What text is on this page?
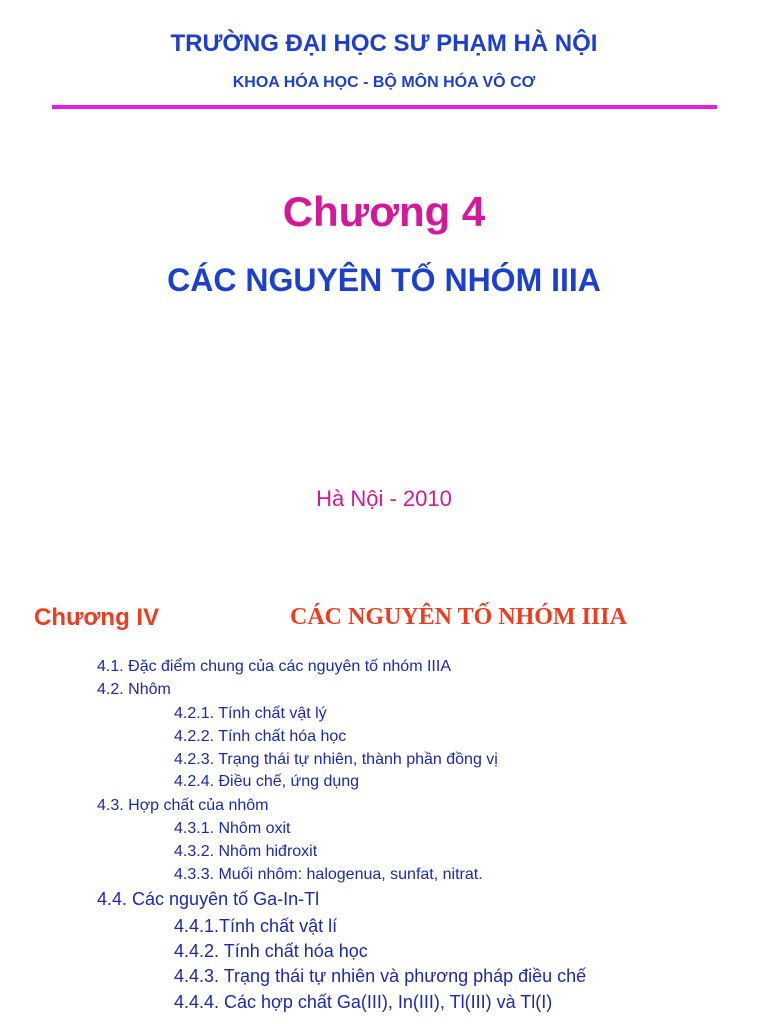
TRƯỜNG ĐẠI HỌC SƯ PHẠM HÀ NỘI
KHOA HÓA HỌC - BỘ MÔN HÓA VÔ CƠ
Chương 4
CÁC NGUYÊN TỐ NHÓM IIIA
Hà Nội - 2010
Chương IV	CÁC NGUYÊN TỐ NHÓM IIIA
4.1. Đặc điểm chung của các nguyên tố nhóm IIIA
4.2. Nhôm
4.2.1. Tính chất vật lý
4.2.2. Tính chất hóa học
4.2.3. Trạng thái tự nhiên, thành phần đồng vị
4.2.4. Điều chế, ứng dụng
4.3. Hợp chất của nhôm
4.3.1. Nhôm oxit
4.3.2. Nhôm hiđroxit
4.3.3. Muối nhôm: halogenua, sunfat, nitrat.
4.4. Các nguyên tố Ga-In-Tl
4.4.1.Tính chất vật lí
4.4.2. Tính chất hóa học
4.4.3. Trạng thái tự nhiên và phương pháp điều chế
4.4.4. Các hợp chất Ga(III), In(III), Tl(III) và Tl(I)
